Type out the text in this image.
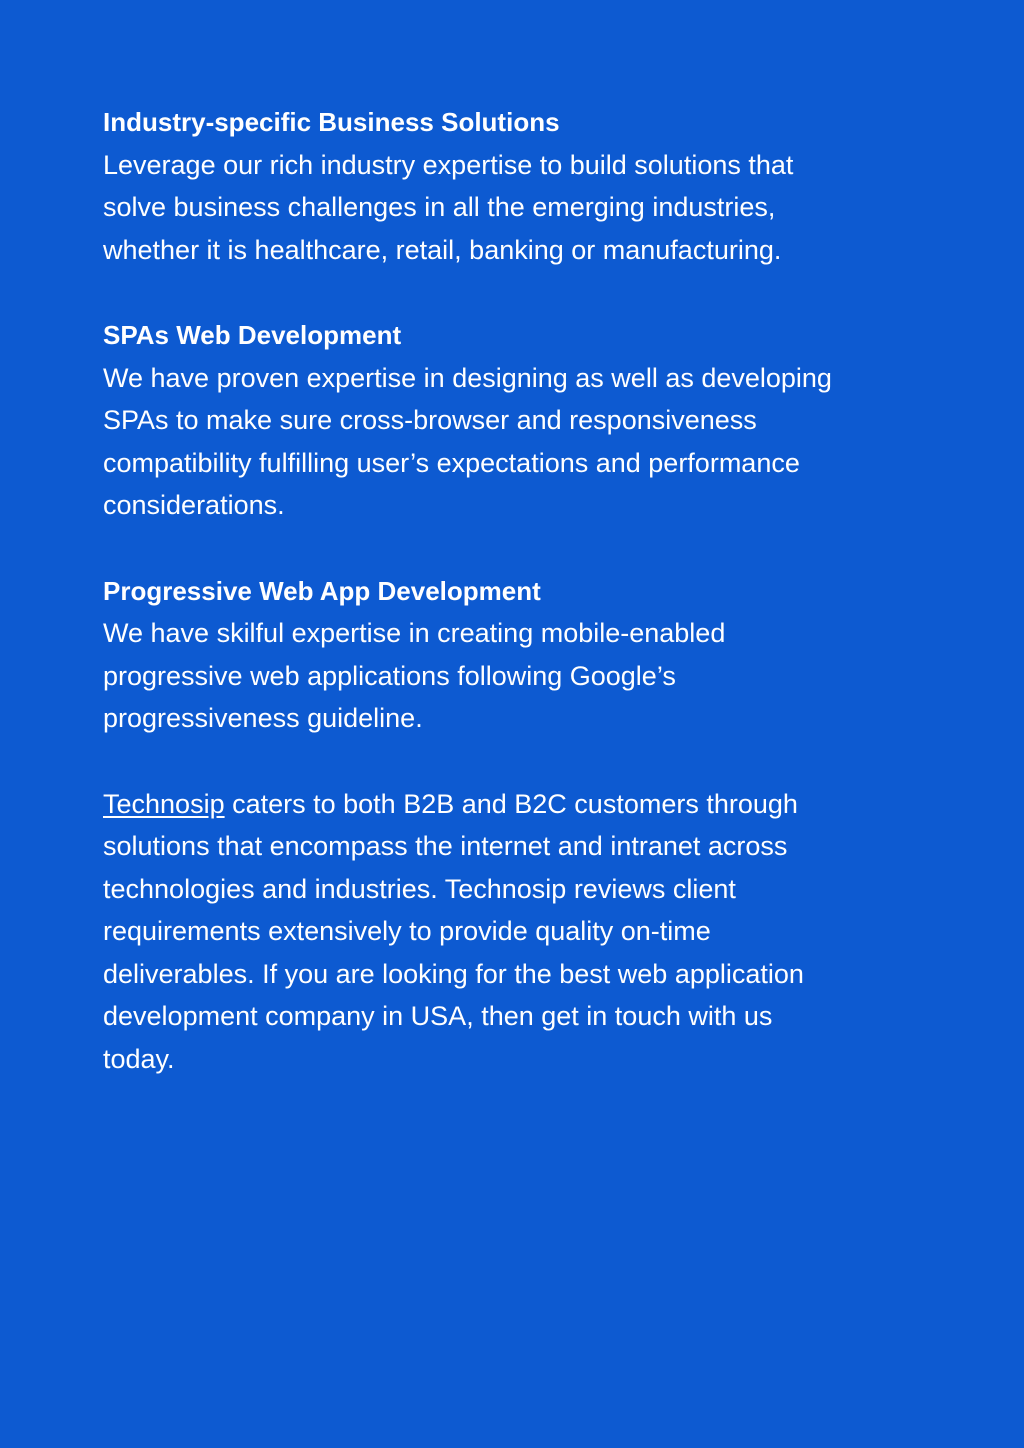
Industry-specific Business Solutions

Leverage our rich industry expertise to build solutions that
solve business challenges in all the emerging industries,
whether it is healthcare, retail, banking or manufacturing.

SPAs Web Development

We have proven expertise in designing as well as developing
SPAs to make sure cross-browser and responsiveness
compatibility fulfilling user’s expectations and performance
considerations.

Progressive Web App Development

We have skilful expertise in creating mobile-enabled
progressive web applications following Google’s
progressiveness guideline.

Technosip caters to both B2B and B2C customers through
solutions that encompass the internet and intranet across
technologies and industries. Technosip reviews client
requirements extensively to provide quality on-time
deliverables. If you are looking for the best web application
development company in USA, then get in touch with us
today.
